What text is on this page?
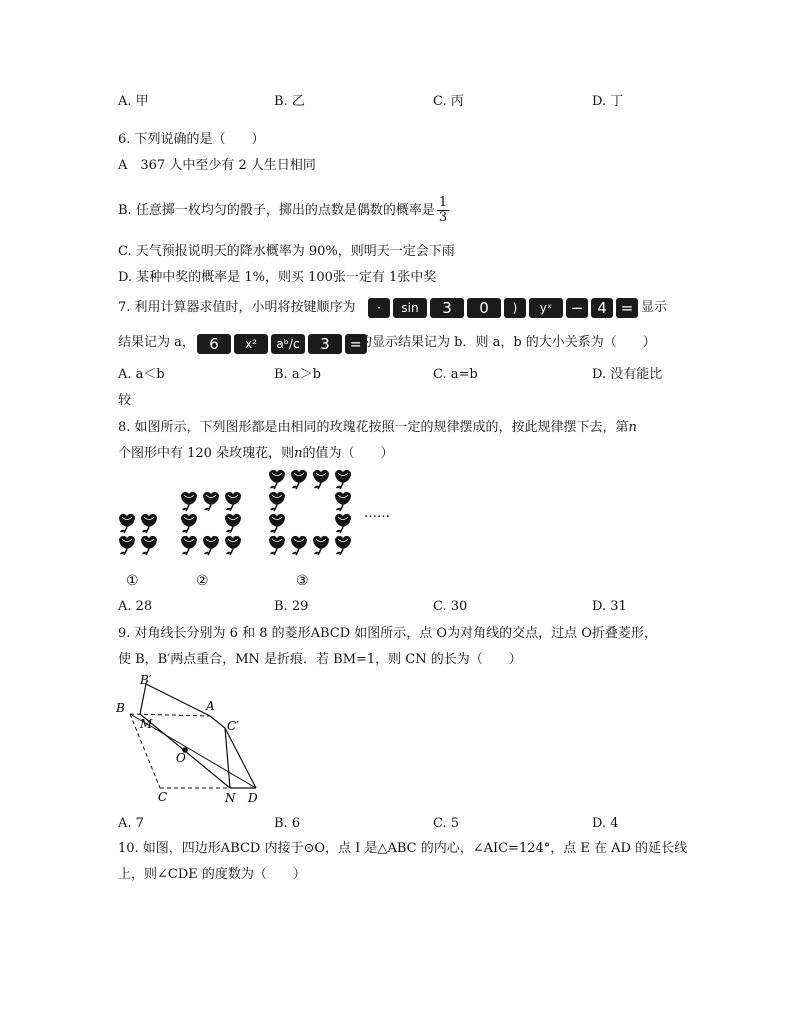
A. 甲	B. 乙	C. 丙	D. 丁
6. 下列说确的是（　　）
A　367 人中至少有 2 人生日相同
B. 任意掷一枚均匀的骰子，掷出的点数是偶数的概率是 $\frac{1}{3}$
C. 天气预报说明天的降水概率为 90%，则明天一定会下雨
D. 某种中奖的概率是 1%，则买 100张一定有 1张中奖
7. 利用计算器求值时，小明将按键顺序为	· sin 3 0 ) yˣ − 4 = 显示
结果记为 a， 6 x² aᵇ/c 3 =
的显示结果记为 b．则 a，b 的大小关系为（　　）
A. a＜b	B. a＞b	C. a=b	D. 没有能比
较
8. 如图所示，下列图形都是由相同的玫瑰花按照一定的规律摆成的，按此规律摆下去，第n
个图形中有 120 朵玫瑰花，则n的值为（　　）
……
①	②	③
A. 28	B. 29	C. 30	D. 31
9. 对角线长分别为 6 和 8 的菱形ABCD 如图所示，点 O为对角线的交点，过点 O折叠菱形，
使 B，B′两点重合，MN 是折痕．若 BM=1，则 CN 的长为（　　）
B′
B
M
A
C′
O
C	N D
A. 7	B. 6	C. 5	D. 4
10. 如图，四边形ABCD 内接于⊙O，点 I 是△ABC 的内心，∠AIC=124°，点 E 在 AD 的延长线
上，则∠CDE 的度数为（　　）
